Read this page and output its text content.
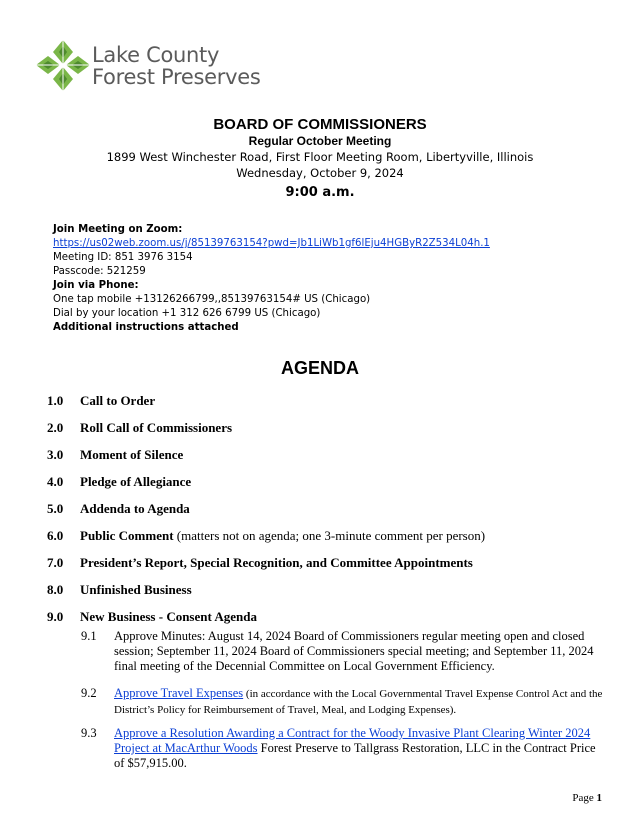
Lake County
Forest Preserves
BOARD OF COMMISSIONERS
Regular October Meeting
1899 West Winchester Road, First Floor Meeting Room, Libertyville, Illinois
Wednesday, October 9, 2024
9:00 a.m.
Join Meeting on Zoom:
https://us02web.zoom.us/j/85139763154?pwd=Jb1LiWb1gf6lEju4HGByR2Z534L04h.1
Meeting ID: 851 3976 3154
Passcode: 521259
Join via Phone:
One tap mobile +13126266799,,85139763154# US (Chicago)
Dial by your location +1 312 626 6799 US (Chicago)
Additional instructions attached
AGENDA
1.0 Call to Order
2.0 Roll Call of Commissioners
3.0 Moment of Silence
4.0 Pledge of Allegiance
5.0 Addenda to Agenda
6.0 Public Comment (matters not on agenda; one 3-minute comment per person)
7.0 President’s Report, Special Recognition, and Committee Appointments
8.0 Unfinished Business
9.0 New Business - Consent Agenda
9.1 Approve Minutes: August 14, 2024 Board of Commissioners regular meeting open and closed session; September 11, 2024 Board of Commissioners special meeting; and September 11, 2024 final meeting of the Decennial Committee on Local Government Efficiency.
9.2 Approve Travel Expenses (in accordance with the Local Governmental Travel Expense Control Act and the District’s Policy for Reimbursement of Travel, Meal, and Lodging Expenses).
9.3 Approve a Resolution Awarding a Contract for the Woody Invasive Plant Clearing Winter 2024 Project at MacArthur Woods Forest Preserve to Tallgrass Restoration, LLC in the Contract Price of $57,915.00.
Page 1
